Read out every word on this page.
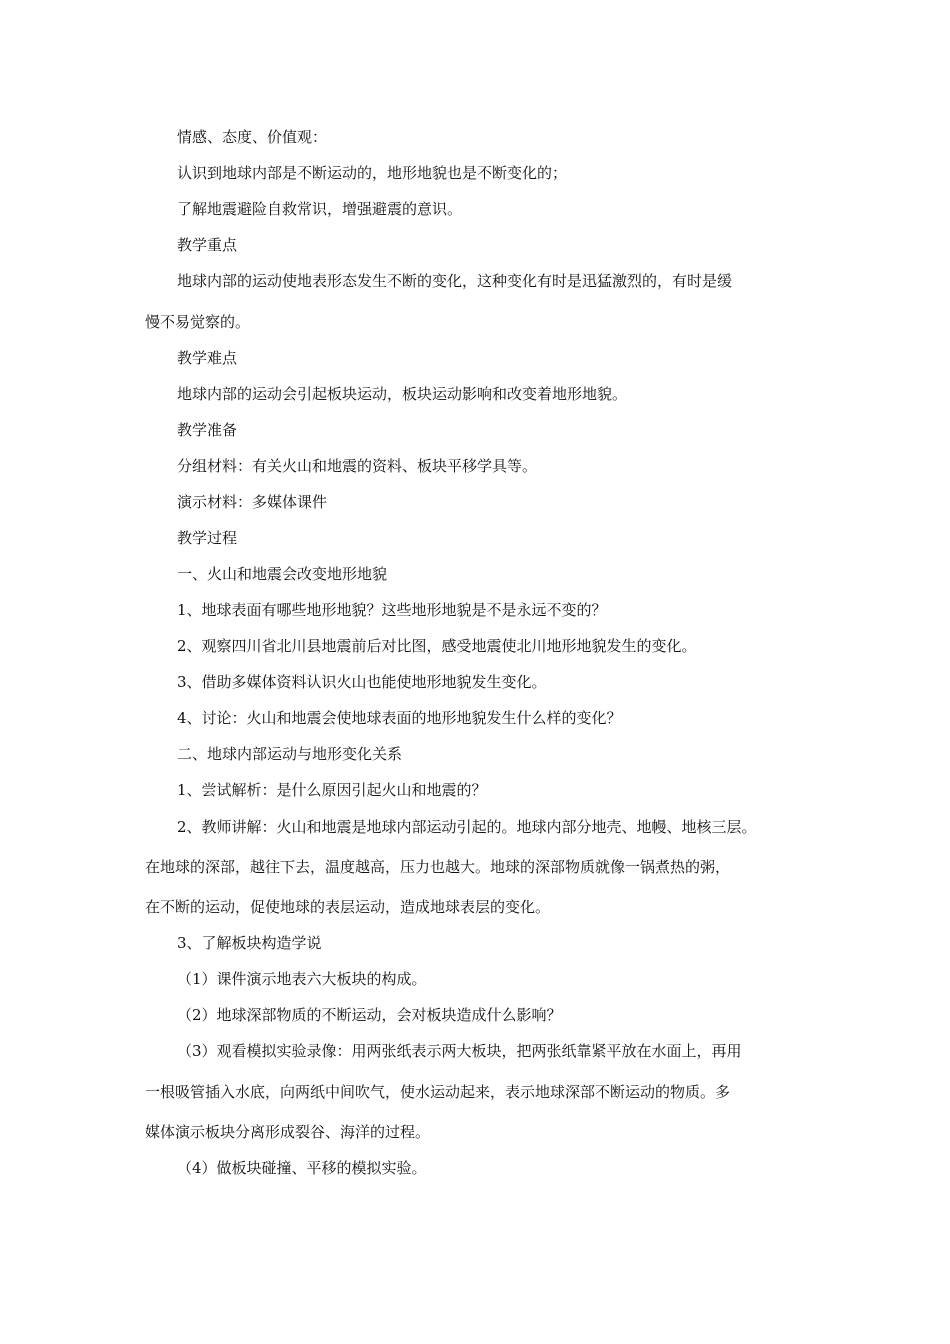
情感、态度、价值观：
认识到地球内部是不断运动的，地形地貌也是不断变化的；
了解地震避险自救常识，增强避震的意识。
教学重点
地球内部的运动使地表形态发生不断的变化，这种变化有时是迅猛激烈的，有时是缓
慢不易觉察的。
教学难点
地球内部的运动会引起板块运动，板块运动影响和改变着地形地貌。
教学准备
分组材料：有关火山和地震的资料、板块平移学具等。
演示材料：多媒体课件
教学过程
一、火山和地震会改变地形地貌
1、地球表面有哪些地形地貌？这些地形地貌是不是永远不变的？
2、观察四川省北川县地震前后对比图，感受地震使北川地形地貌发生的变化。
3、借助多媒体资料认识火山也能使地形地貌发生变化。
4、讨论：火山和地震会使地球表面的地形地貌发生什么样的变化？
二、地球内部运动与地形变化关系
1、尝试解析：是什么原因引起火山和地震的？
2、教师讲解：火山和地震是地球内部运动引起的。地球内部分地壳、地幔、地核三层。
在地球的深部，越往下去，温度越高，压力也越大。地球的深部物质就像一锅煮热的粥，
在不断的运动，促使地球的表层运动，造成地球表层的变化。
3、了解板块构造学说
（1）课件演示地表六大板块的构成。
（2）地球深部物质的不断运动，会对板块造成什么影响？
（3）观看模拟实验录像：用两张纸表示两大板块，把两张纸靠紧平放在水面上，再用
一根吸管插入水底，向两纸中间吹气，使水运动起来，表示地球深部不断运动的物质。多
媒体演示板块分离形成裂谷、海洋的过程。
（4）做板块碰撞、平移的模拟实验。
